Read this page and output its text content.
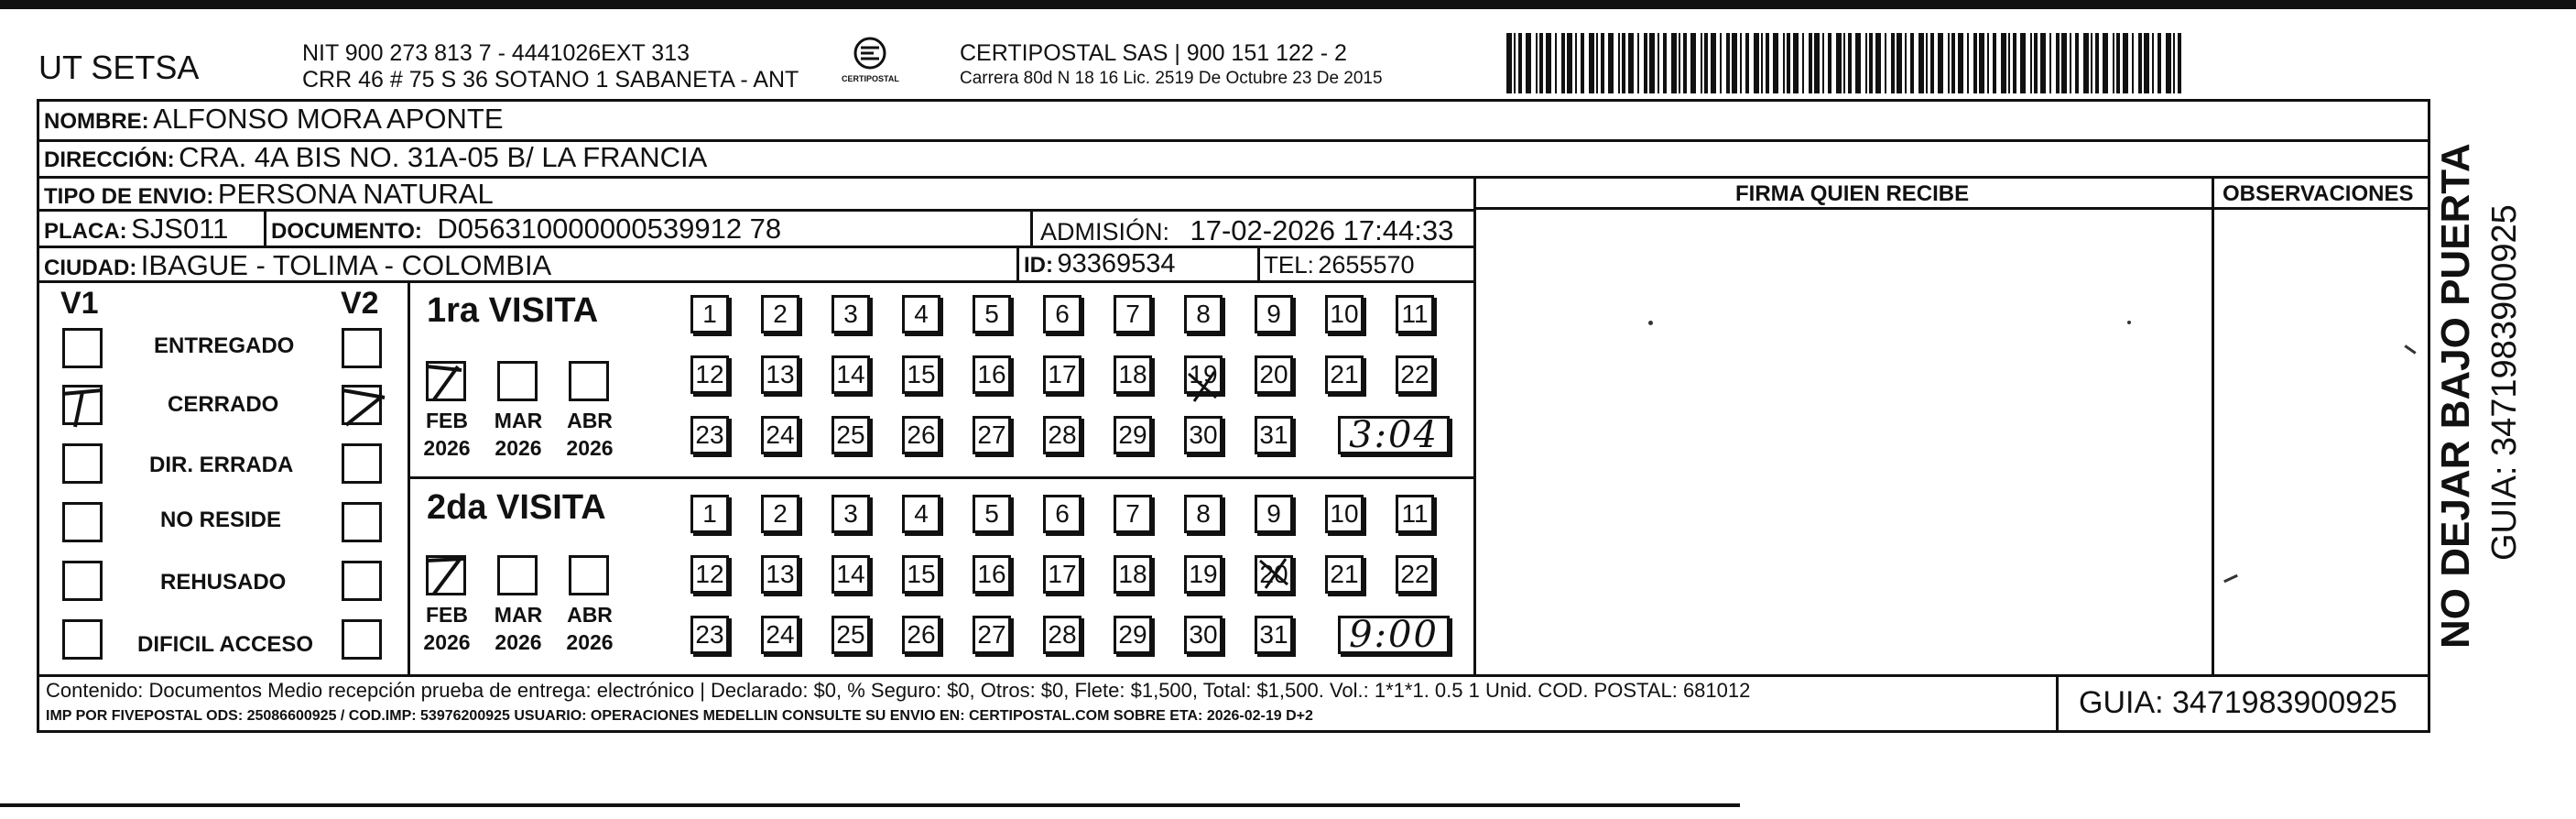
UT SETSA	NIT 900 273 813 7 - 4441026EXT 313
CRR 46 # 75 S 36 SOTANO 1 SABANETA - ANT	CERTIPOSTAL
CERTIPOSTAL SAS | 900 151 122 - 2
Carrera 80d N 18 16 Lic. 2519 De Octubre 23 De 2015
NOMBRE: ALFONSO MORA APONTE
DIRECCIÓN: CRA. 4A BIS NO. 31A-05 B/ LA FRANCIA
TIPO DE ENVIO: PERSONA NATURAL
PLACA: SJS011 DOCUMENTO: D056310000000539912 78	ADMISIÓN: 17-02-2026 17:44:33
CIUDAD: IBAGUE - TOLIMA - COLOMBIA	ID: 93369534	TEL: 2655570
FIRMA QUIEN RECIBE	OBSERVACIONES
V1	V2
ENTREGADO
CERRADO
DIR. ERRADA
NO RESIDE
REHUSADO
DIFICIL ACCESO
1ra VISITA
FEB
2026
MAR
2026
ABR
2026
1	2	3	4	5	6	7	8	9	10 11
12 13 14 15 16 17 18 19 20 21 22
23 24 25 26 27 28 29 30 31	3:04
2da VISITA
FEB
2026
MAR
2026
ABR
2026
1	2	3	4	5	6	7	8	9	10 11
12 13 14 15 16 17 18 19 20 21 22
23 24 25 26 27 28 29 30 31	9:00
Contenido: Documentos Medio recepción prueba de entrega: electrónico | Declarado: $0, % Seguro: $0, Otros: $0, Flete: $1,500, Total: $1,500. Vol.: 1*1*1. 0.5 1 Unid. COD. POSTAL: 681012
IMP POR FIVEPOSTAL ODS: 25086600925 / COD.IMP: 53976200925 USUARIO: OPERACIONES MEDELLIN CONSULTE SU ENVIO EN: CERTIPOSTAL.COM SOBRE ETA: 2026-02-19 D+2	GUIA: 3471983900925
NO DEJAR BAJO PUERTA GUIA: 3471983900925
